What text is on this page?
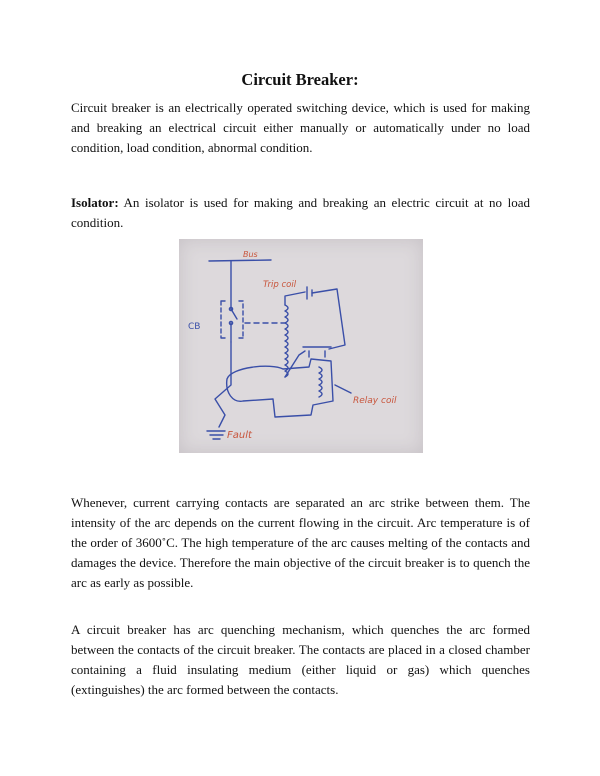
Circuit Breaker:

Circuit breaker is an electrically operated switching device, which is used for making and breaking an electrical circuit either manually or automatically under no load condition, load condition, abnormal condition.

Isolator: An isolator is used for making and breaking an electric circuit at no load condition.

Bus
Trip coil
CB
Relay coil
Fault

Whenever, current carrying contacts are separated an arc strike between them. The intensity of the arc depends on the current flowing in the circuit. Arc temperature is of the order of 3600˚C. The high temperature of the arc causes melting of the contacts and damages the device. Therefore the main objective of the circuit breaker is to quench the arc as early as possible.

A circuit breaker has arc quenching mechanism, which quenches the arc formed between the contacts of the circuit breaker. The contacts are placed in a closed chamber containing a fluid insulating medium (either liquid or gas) which quenches (extinguishes) the arc formed between the contacts.
